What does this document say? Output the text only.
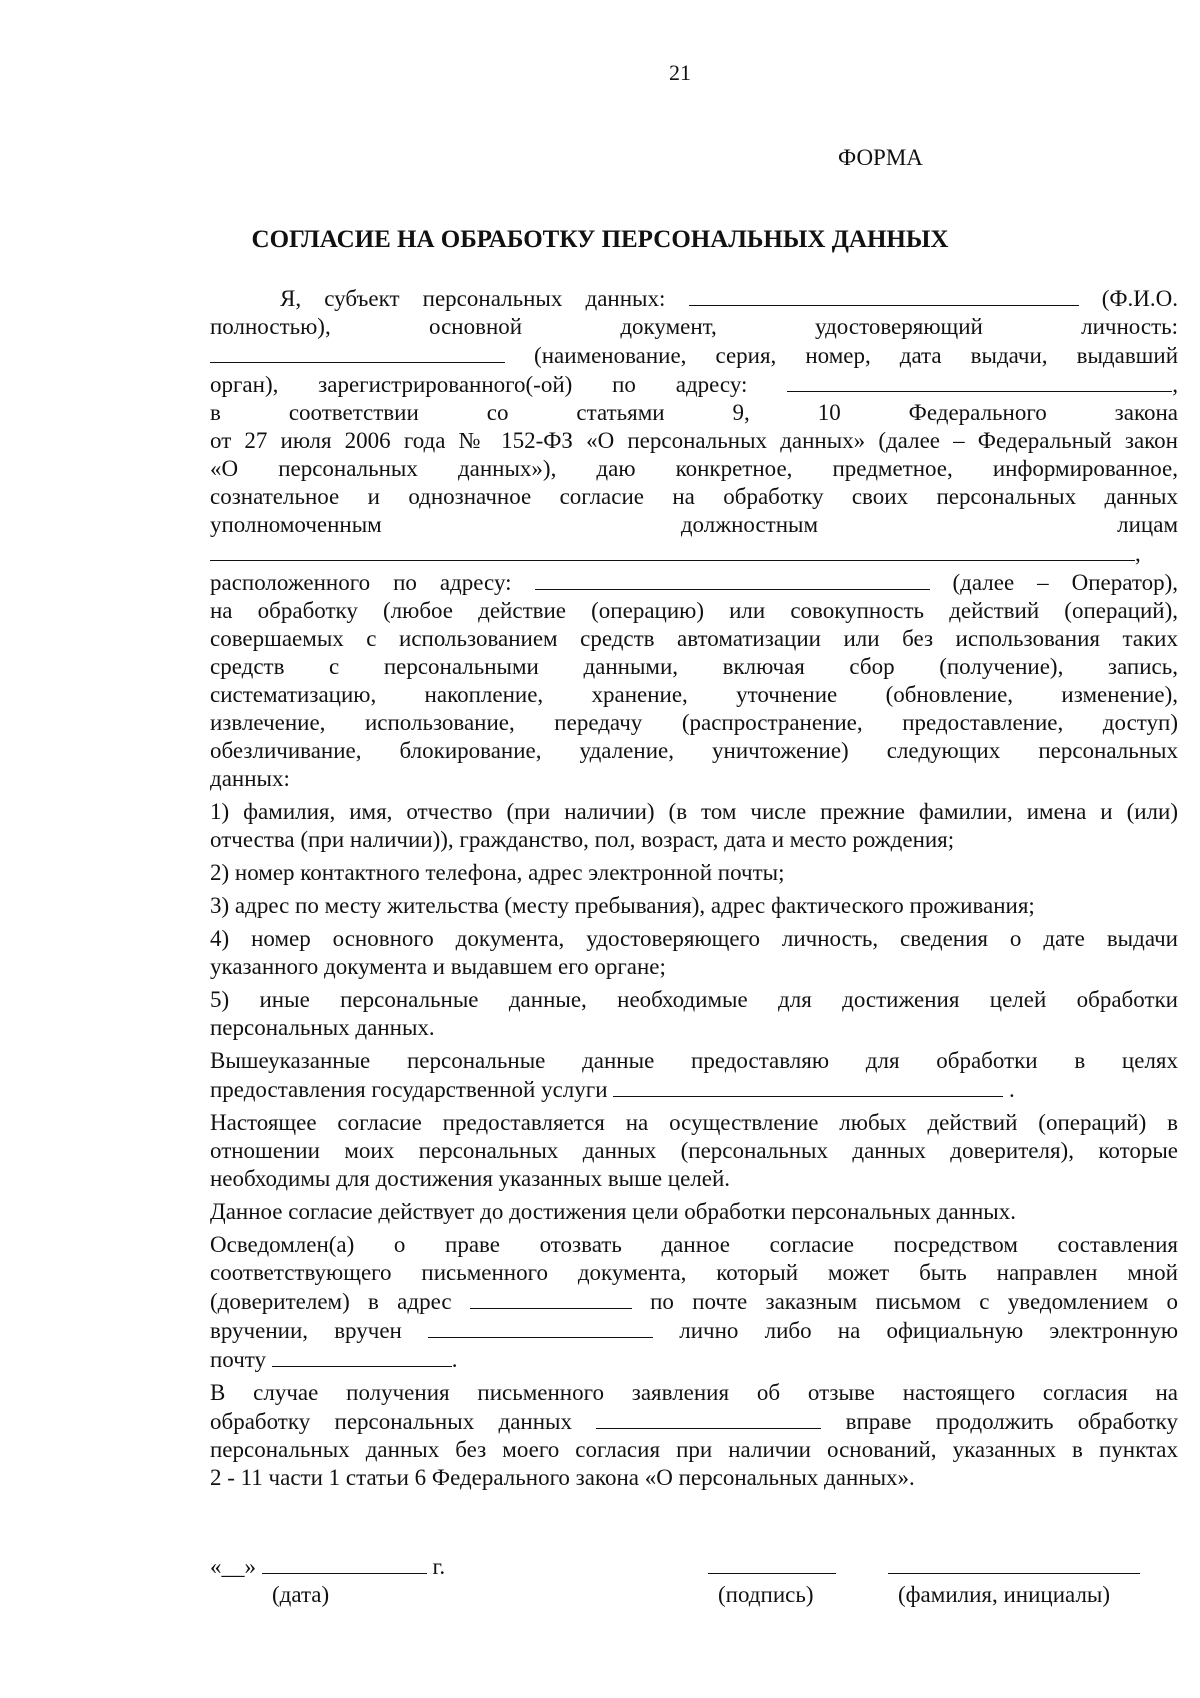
21
ФОРМА
СОГЛАСИЕ НА ОБРАБОТКУ ПЕРСОНАЛЬНЫХ ДАННЫХ

Я, субъект персональных данных:	(Ф.И.О.

полностью),	основной	документ,	удостоверяющий	личность:

(наименование, серия, номер, дата выдачи, выдавший

орган), зарегистрированного(-ой) по адресу:	,

в	соответствии	со	статьями	9,	10	Федерального	закона

от 27 июля 2006 года № 152-ФЗ «О персональных данных» (далее – Федеральный закон

«О персональных данных»), даю конкретное, предметное, информированное,

сознательное и однозначное согласие на обработку своих персональных данных

уполномоченным	должностным	лицам

,

расположенного по адресу:	(далее – Оператор),

на обработку (любое действие (операцию) или совокупность действий (операций),

совершаемых с использованием средств автоматизации или без использования таких

средств с персональными данными, включая сбор (получение), запись,

систематизацию, накопление, хранение, уточнение (обновление, изменение),

извлечение, использование, передачу (распространение, предоставление, доступ)

обезличивание, блокирование, удаление, уничтожение) следующих персональных

данных:

1) фамилия, имя, отчество (при наличии) (в том числе прежние фамилии, имена и (или)

отчества (при наличии)), гражданство, пол, возраст, дата и место рождения;

2) номер контактного телефона, адрес электронной почты;

3) адрес по месту жительства (месту пребывания), адрес фактического проживания;

4) номер основного документа, удостоверяющего личность, сведения о дате выдачи

указанного документа и выдавшем его органе;

5) иные персональные данные, необходимые для достижения целей обработки

персональных данных.

Вышеуказанные персональные данные предоставляю для обработки в целях

предоставления государственной услуги	.

Настоящее согласие предоставляется на осуществление любых действий (операций) в

отношении моих персональных данных (персональных данных доверителя), которые

необходимы для достижения указанных выше целей.

Данное согласие действует до достижения цели обработки персональных данных.

Осведомлен(а) о праве отозвать данное согласие посредством составления

соответствующего письменного документа, который может быть направлен мной

(доверителем) в адрес	по почте заказным письмом с уведомлением о

вручении, вручен	лично либо на официальную электронную

почту	.

В случае получения письменного заявления об отзыве настоящего согласия на

обработку персональных данных	вправе продолжить обработку

персональных данных без моего согласия при наличии оснований, указанных в пунктах

2 - 11 части 1 статьи 6 Федерального закона «О персональных данных».

«__»	г.
(дата)	(подпись)	(фамилия, инициалы)
